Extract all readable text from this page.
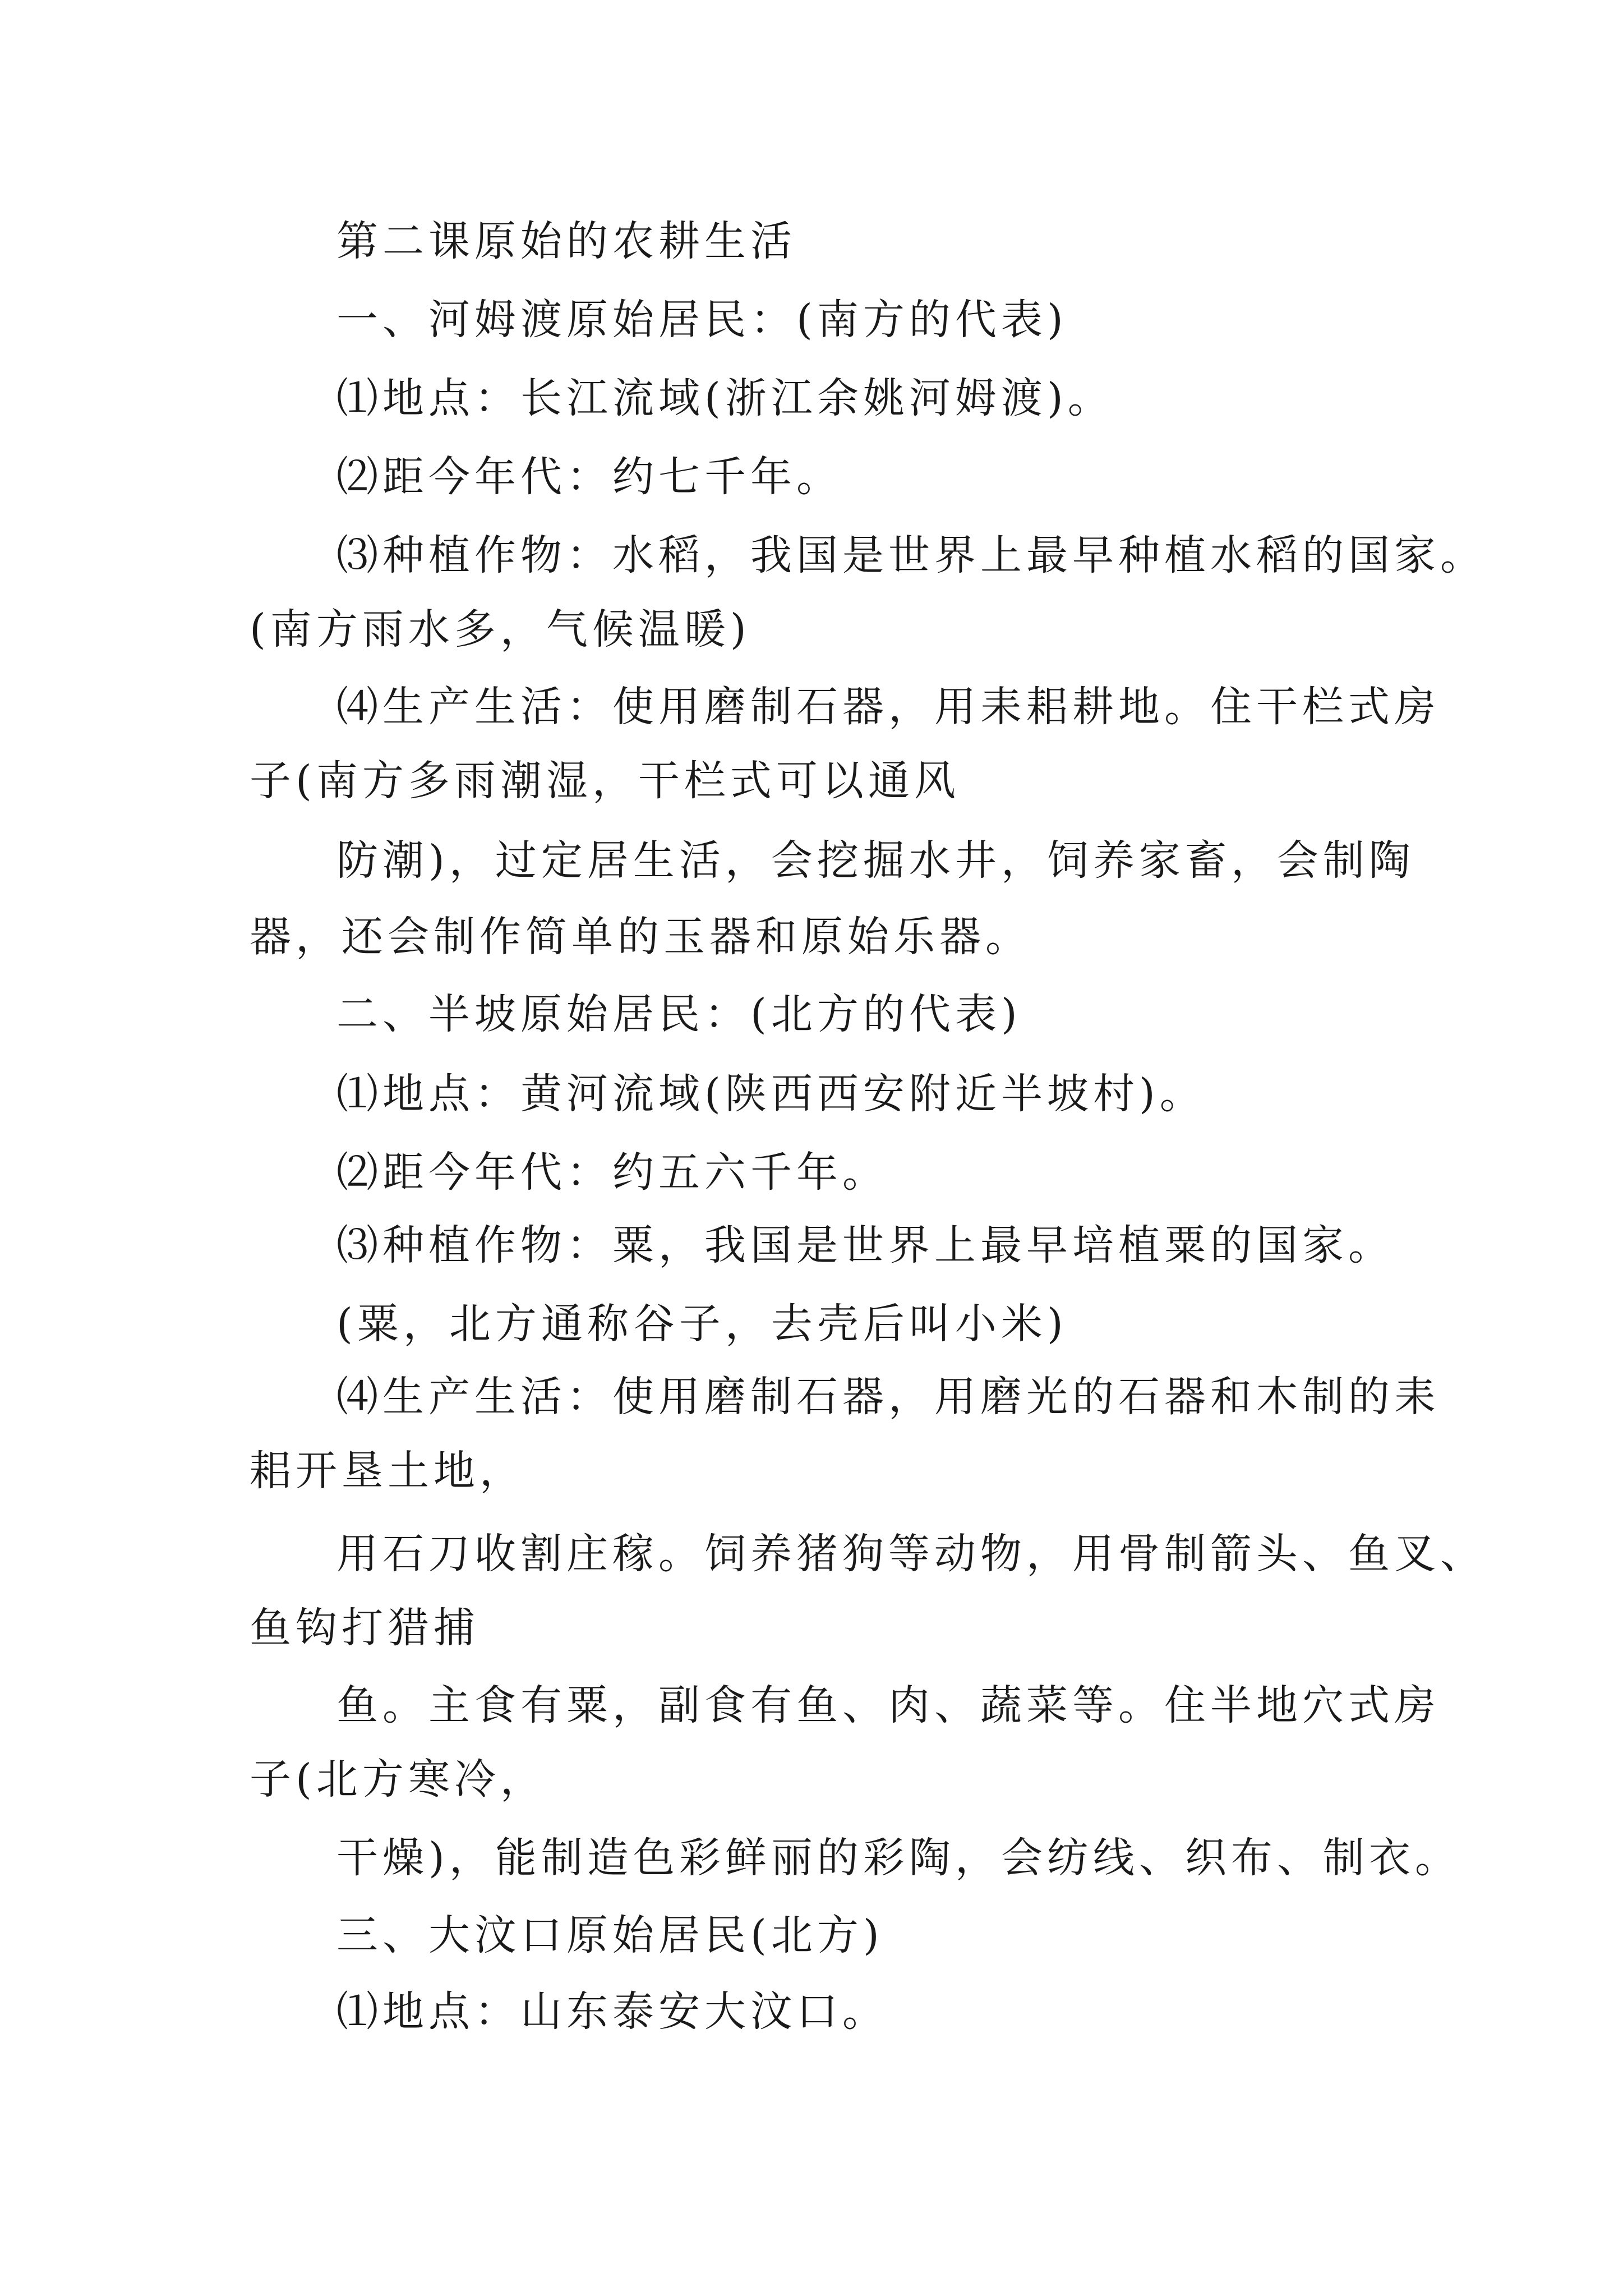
第二课原始的农耕生活

一、河姆渡原始居民：(南方的代表)

⑴地点：长江流域(浙江余姚河姆渡)。

⑵距今年代：约七千年。

⑶种植作物：水稻，我国是世界上最早种植水稻的国家。

(南方雨水多，气候温暖)

⑷生产生活：使用磨制石器，用耒耜耕地。住干栏式房

子(南方多雨潮湿，干栏式可以通风

防潮)，过定居生活，会挖掘水井，饲养家畜，会制陶

器，还会制作简单的玉器和原始乐器。

二、半坡原始居民：(北方的代表)

⑴地点：黄河流域(陕西西安附近半坡村)。

⑵距今年代：约五六千年。

⑶种植作物：粟，我国是世界上最早培植粟的国家。

(粟，北方通称谷子，去壳后叫小米)

⑷生产生活：使用磨制石器，用磨光的石器和木制的耒

耜开垦土地，

用石刀收割庄稼。饲养猪狗等动物，用骨制箭头、鱼叉、

鱼钩打猎捕

鱼。主食有粟，副食有鱼、肉、蔬菜等。住半地穴式房

子(北方寒冷，

干燥)，能制造色彩鲜丽的彩陶，会纺线、织布、制衣。

三、大汶口原始居民(北方)

⑴地点：山东泰安大汶口。
